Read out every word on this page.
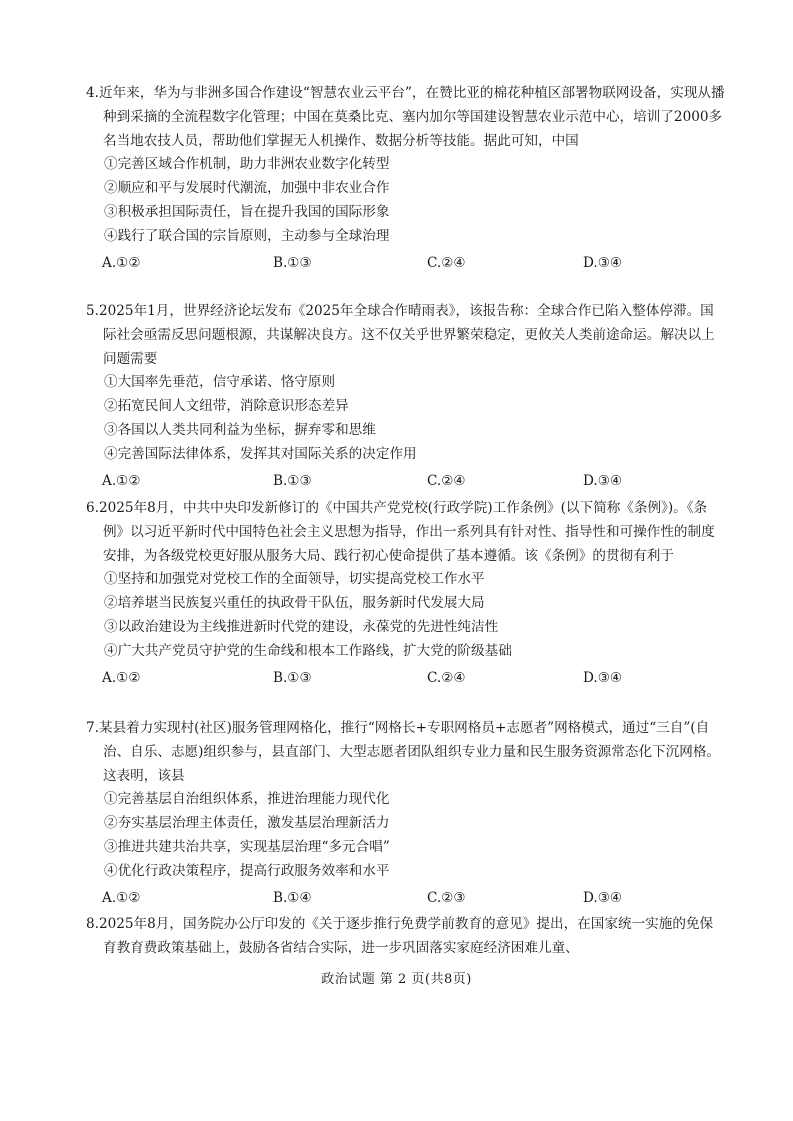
4.近年来，华为与非洲多国合作建设“智慧农业云平台”，在赞比亚的棉花种植区部署物联网设备，实现从播种到采摘的全流程数字化管理；中国在莫桑比克、塞内加尔等国建设智慧农业示范中心，培训了2000多名当地农技人员，帮助他们掌握无人机操作、数据分析等技能。据此可知，中国

①完善区域合作机制，助力非洲农业数字化转型
②顺应和平与发展时代潮流，加强中非农业合作
③积极承担国际责任，旨在提升我国的国际形象
④践行了联合国的宗旨原则，主动参与全球治理
A.①②	B.①③	C.②④	D.③④

5.2025年1月，世界经济论坛发布《2025年全球合作晴雨表》，该报告称：全球合作已陷入整体停滞。国际社会亟需反思问题根源，共谋解决良方。这不仅关乎世界繁荣稳定，更攸关人类前途命运。解决以上问题需要

①大国率先垂范，信守承诺、恪守原则
②拓宽民间人文纽带，消除意识形态差异
③各国以人类共同利益为坐标，摒弃零和思维
④完善国际法律体系，发挥其对国际关系的决定作用
A.①②	B.①③	C.②④	D.③④

6.2025年8月，中共中央印发新修订的《中国共产党党校(行政学院)工作条例》(以下简称《条例》)。《条例》以习近平新时代中国特色社会主义思想为指导，作出一系列具有针对性、指导性和可操作性的制度安排，为各级党校更好服从服务大局、践行初心使命提供了基本遵循。该《条例》的贯彻有利于

①坚持和加强党对党校工作的全面领导，切实提高党校工作水平
②培养堪当民族复兴重任的执政骨干队伍，服务新时代发展大局
③以政治建设为主线推进新时代党的建设，永葆党的先进性纯洁性
④广大共产党员守护党的生命线和根本工作路线，扩大党的阶级基础
A.①②	B.①③	C.②④	D.③④

7.某县着力实现村(社区)服务管理网格化，推行“网格长+专职网格员+志愿者”网格模式，通过“三自”(自治、自乐、志愿)组织参与，县直部门、大型志愿者团队组织专业力量和民生服务资源常态化下沉网格。这表明，该县

①完善基层自治组织体系，推进治理能力现代化
②夯实基层治理主体责任，激发基层治理新活力
③推进共建共治共享，实现基层治理“多元合唱”
④优化行政决策程序，提高行政服务效率和水平
A.①②	B.①④	C.②③	D.③④

8.2025年8月，国务院办公厅印发的《关于逐步推行免费学前教育的意见》提出，在国家统一实施的免保育教育费政策基础上，鼓励各省结合实际，进一步巩固落实家庭经济困难儿童、

政治试题 第 2 页(共8页)
